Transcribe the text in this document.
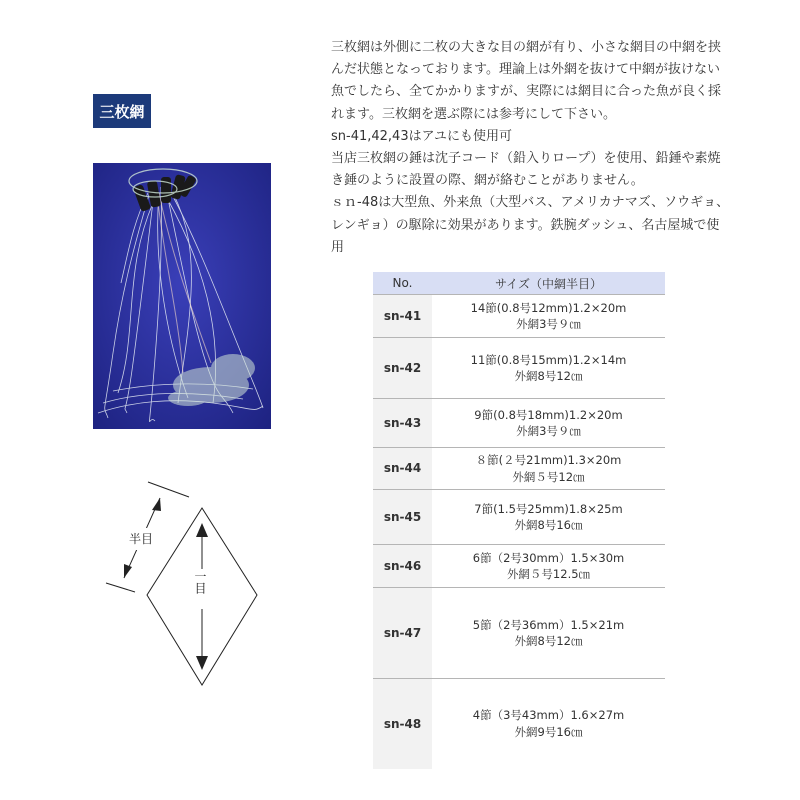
三枚網
半目
一目

三枚網は外側に二枚の大きな目の網が有り、小さな網目の中網を挟んだ状態となっております。理論上は外網を抜けて中網が抜けない魚でしたら、全てかかりますが、実際には網目に合った魚が良く採れます。三枚網を選ぶ際には参考にして下さい。

sn-41,42,43はアユにも使用可

当店三枚網の錘は沈子コード（鉛入りロープ）を使用、鉛錘や素焼き錘のように設置の際、網が絡むことがありません。

ｓｎ-48は大型魚、外来魚（大型バス、アメリカナマズ、ソウギョ、レンギョ）の駆除に効果があります。鉄腕ダッシュ、名古屋城で使用

No.	サイズ（中網半目）
sn-41	14節(0.8号12mm)1.2×20m
外網3号９㎝

sn-42	11節(0.8号15mm)1.2×14m
外網8号12㎝

sn-43	9節(0.8号18mm)1.2×20m
外網3号９㎝

sn-44	８節(２号21mm)1.3×20m
外網５号12㎝

sn-45	7節(1.5号25mm)1.8×25m
外網8号16㎝

sn-46	6節（2号30mm）1.5×30m
外網５号12.5㎝

sn-47	5節（2号36mm）1.5×21m
外網8号12㎝

sn-48	4節（3号43mm）1.6×27m
外網9号16㎝
